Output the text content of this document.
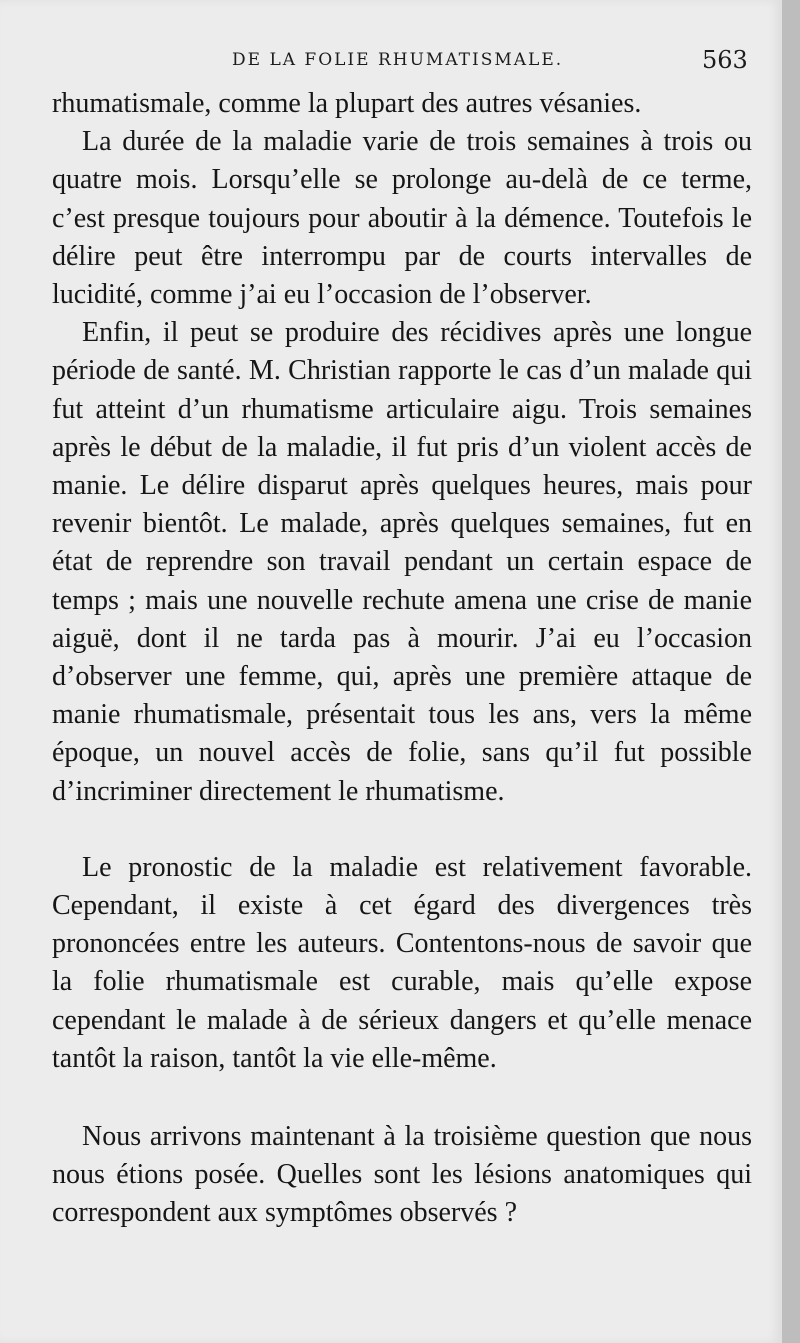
DE LA FOLIE RHUMATISMALE.	563

rhumatismale, comme la plupart des autres vésanies.

La durée de la maladie varie de trois semaines à trois ou quatre mois. Lorsqu’elle se prolonge au-delà de ce terme, c’est presque toujours pour aboutir à la démence. Toutefois le délire peut être interrompu par de courts intervalles de lucidité, comme j’ai eu l’occasion de l’observer.

Enfin, il peut se produire des récidives après une longue période de santé. M. Christian rapporte le cas d’un malade qui fut atteint d’un rhumatisme articulaire aigu. Trois semaines après le début de la maladie, il fut pris d’un violent accès de manie. Le délire disparut après quelques heures, mais pour revenir bientôt. Le malade, après quelques semaines, fut en état de reprendre son travail pendant un certain espace de temps ; mais une nouvelle rechute amena une crise de manie aiguë, dont il ne tarda pas à mourir. J’ai eu l’occasion d’observer une femme, qui, après une première attaque de manie rhumatismale, présentait tous les ans, vers la même époque, un nouvel accès de folie, sans qu’il fut possible d’incriminer directement le rhumatisme.

Le pronostic de la maladie est relativement favorable. Cependant, il existe à cet égard des divergences très prononcées entre les auteurs. Contentons-nous de savoir que la folie rhumatismale est curable, mais qu’elle expose cependant le malade à de sérieux dangers et qu’elle menace tantôt la raison, tantôt la vie elle-même.

Nous arrivons maintenant à la troisième question que nous nous étions posée. Quelles sont les lésions anatomiques qui correspondent aux symptômes observés ?
